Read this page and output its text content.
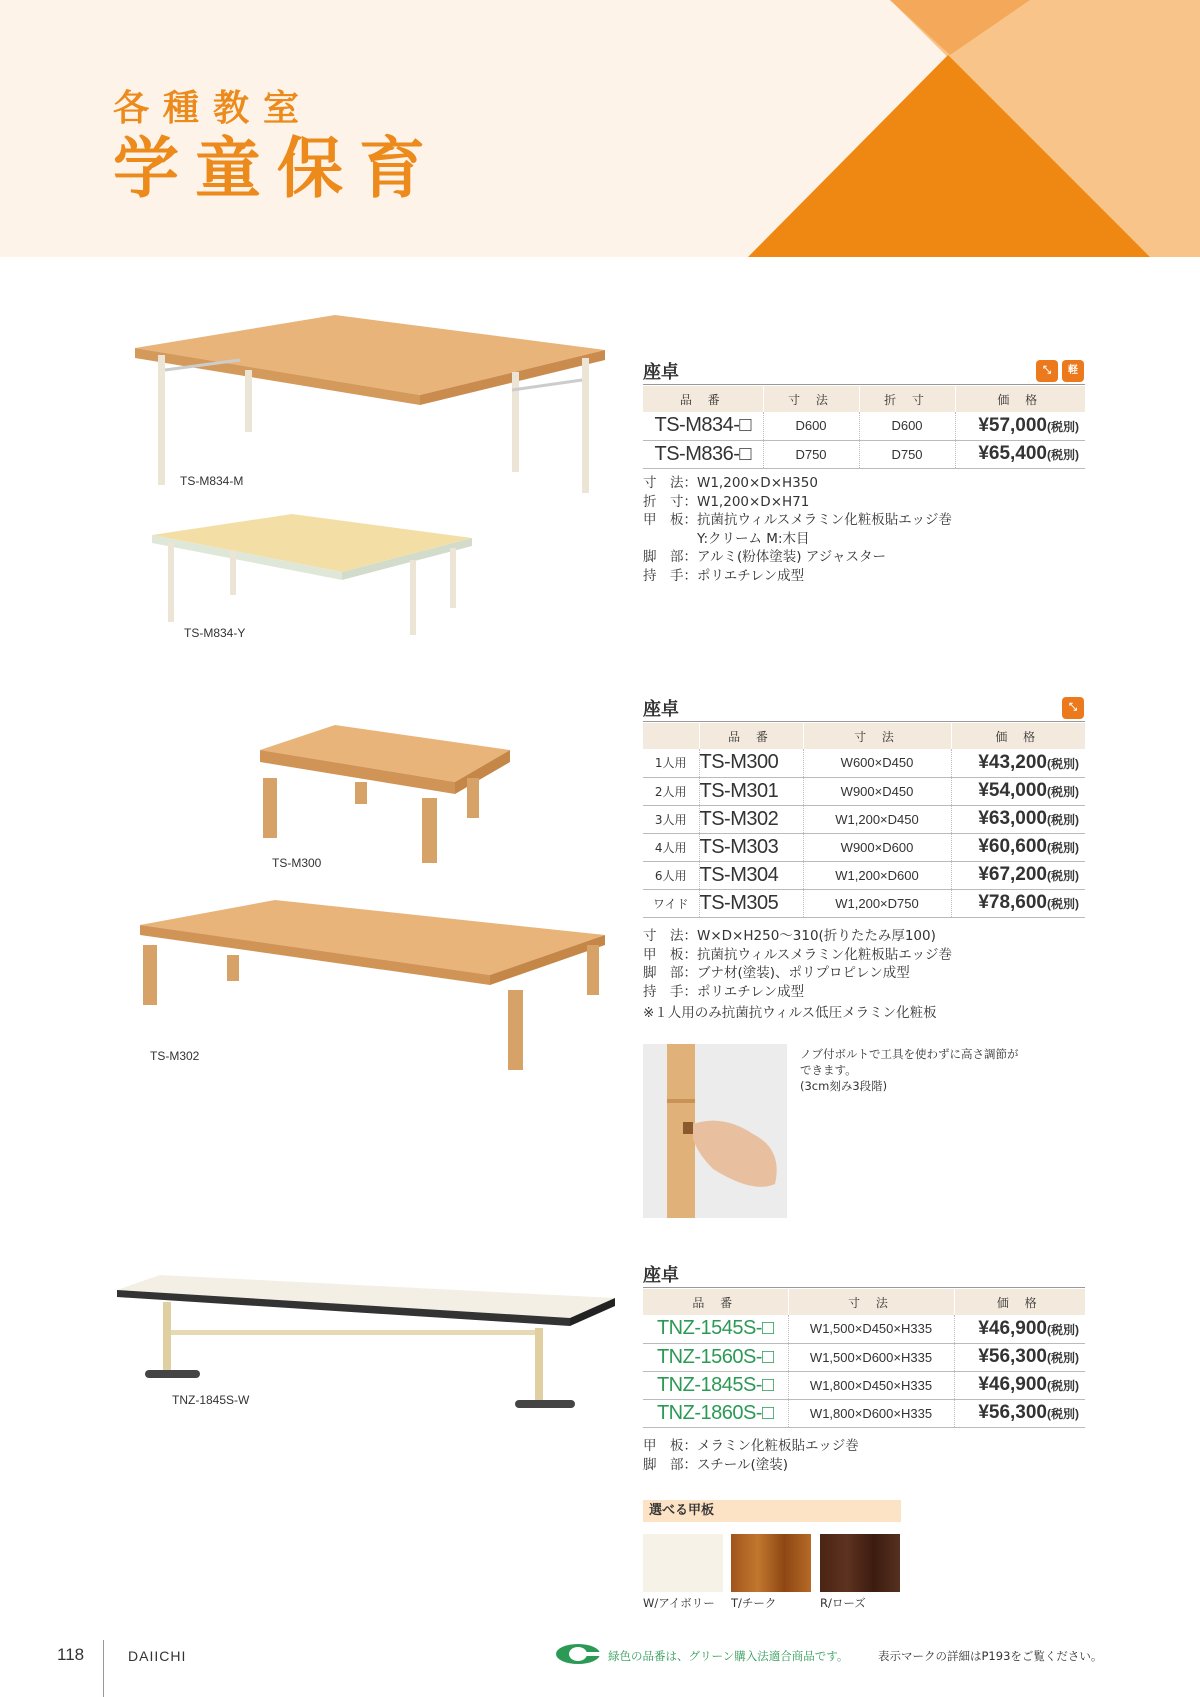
各種教室
学童保育
TS-M834-M
TS-M834-Y
座卓	⤡	軽
品 番	寸 法	折 寸	価 格
TS-M834-□	D600	D600	¥57,000(税別)
TS-M836-□	D750	D750	¥65,400(税別)
寸　法：W1,200×D×H350
折　寸：W1,200×D×H71
甲　板：抗菌抗ウィルスメラミン化粧板貼エッジ巻
　　　　Y:クリーム M:木目
脚　部：アルミ(粉体塗装) アジャスター
持　手：ポリエチレン成型
TS-M300
TS-M302
座卓	⤡
	品 番	寸 法	価 格
1人用	TS-M300	W600×D450	¥43,200(税別)
2人用	TS-M301	W900×D450	¥54,000(税別)
3人用	TS-M302	W1,200×D450	¥63,000(税別)
4人用	TS-M303	W900×D600	¥60,600(税別)
6人用	TS-M304	W1,200×D600	¥67,200(税別)
ワイド	TS-M305	W1,200×D750	¥78,600(税別)
寸　法：W×D×H250～310(折りたたみ厚100)
甲　板：抗菌抗ウィルスメラミン化粧板貼エッジ巻
脚　部：ブナ材(塗装)、ポリプロピレン成型
持　手：ポリエチレン成型
※１人用のみ抗菌抗ウィルス低圧メラミン化粧板
ノブ付ボルトで工具を使わずに高さ調節が
できます。
(3cm刻み3段階)
TNZ-1845S-W
座卓
品 番	寸 法	価 格
TNZ-1545S-□	W1,500×D450×H335	¥46,900(税別)
TNZ-1560S-□	W1,500×D600×H335	¥56,300(税別)
TNZ-1845S-□	W1,800×D450×H335	¥46,900(税別)
TNZ-1860S-□	W1,800×D600×H335	¥56,300(税別)
甲　板：メラミン化粧板貼エッジ巻
脚　部：スチール(塗装)
選べる甲板
W/アイボリー T/チーク	R/ローズ
118	DAIICHI	緑色の品番は、グリーン購入法適合商品です。	表示マークの詳細はP193をご覧ください。
